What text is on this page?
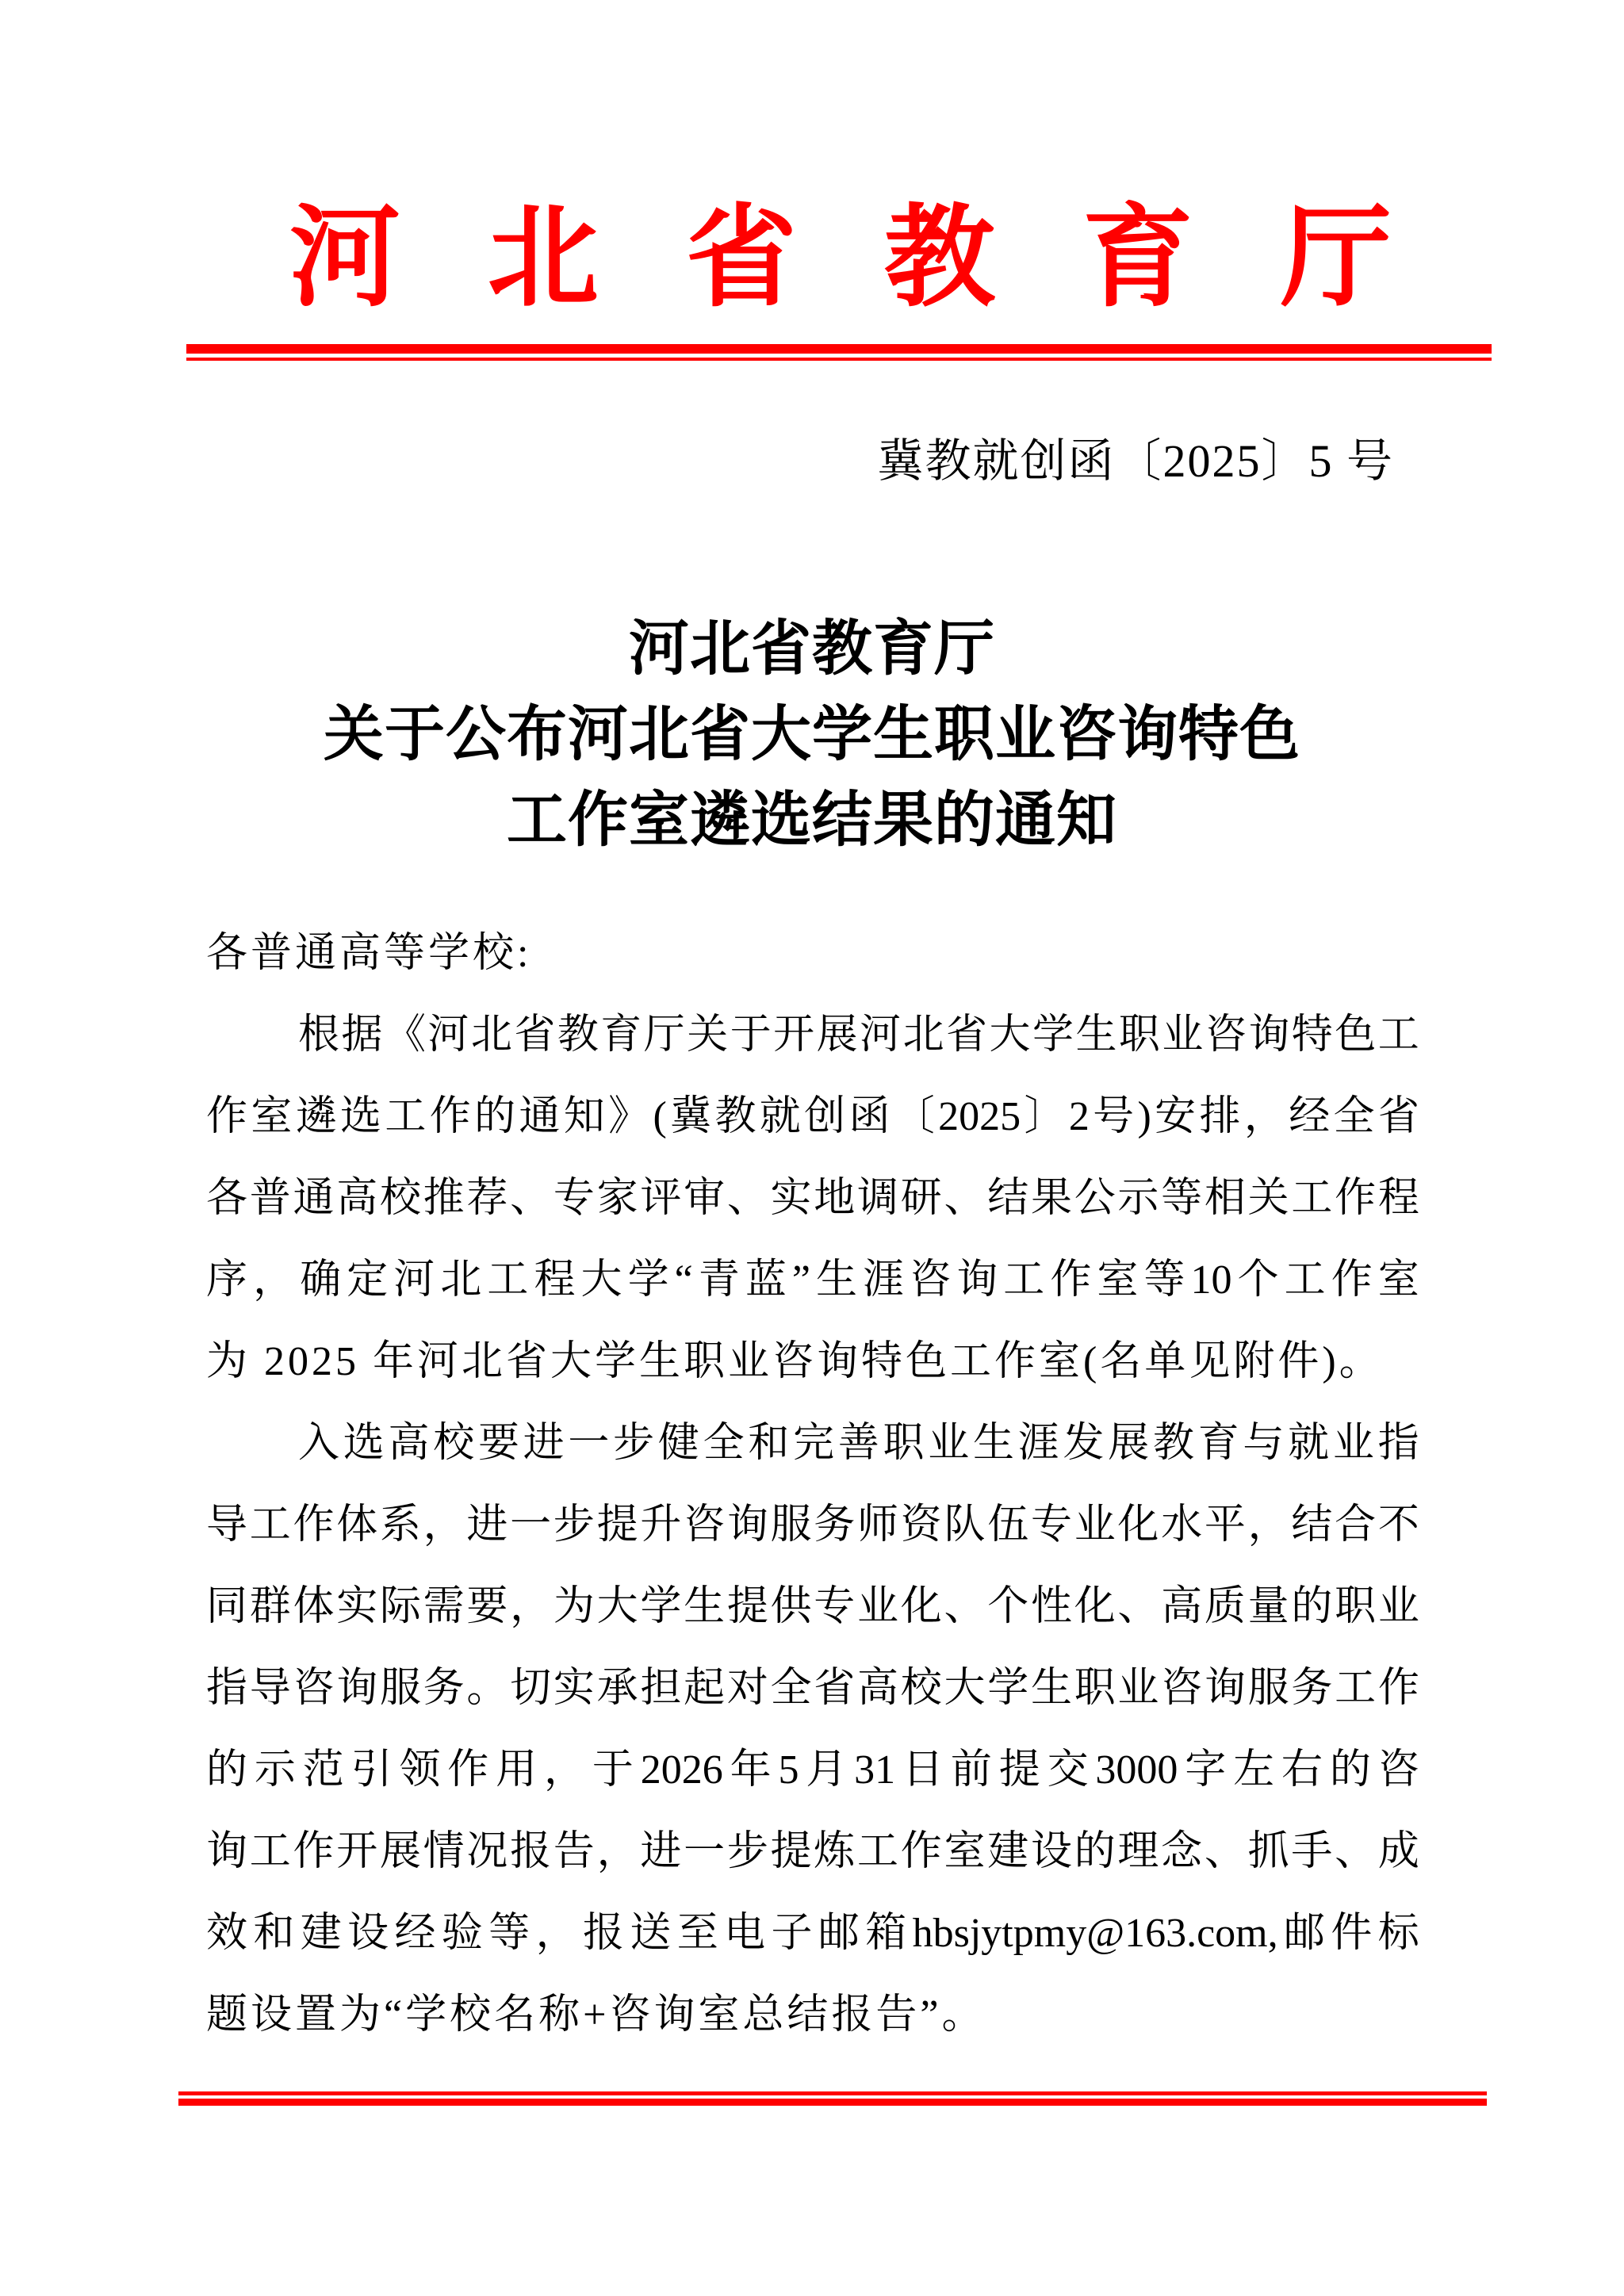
河 北 省 教 育 厅
冀教就创函〔2025〕5 号
河北省教育厅
关于公布河北省大学生职业咨询特色
工作室遴选结果的通知
各普通高等学校:
根 据 《 河 北 省 教 育 厅 关 于 开 展 河 北 省 大 学 生 职 业 咨 询 特 色 工
作 室 遴 选 工 作 的 通 知 》 ( 冀 教 就 创 函 〔 2025 〕 2 号 ) 安 排 ， 经 全 省
各 普 通 高 校 推 荐 、 专 家 评 审 、 实 地 调 研 、 结 果 公 示 等 相 关 工 作 程
序 ， 确 定 河 北 工 程 大 学 “ 青 蓝 ” 生 涯 咨 询 工 作 室 等 10 个 工 作 室
为 2025 年河北省大学生职业咨询特色工作室(名单见附件)。
入 选 高 校 要 进 一 步 健 全 和 完 善 职 业 生 涯 发 展 教 育 与 就 业 指
导 工 作 体 系 ， 进 一 步 提 升 咨 询 服 务 师 资 队 伍 专 业 化 水 平 ， 结 合 不
同 群 体 实 际 需 要 ， 为 大 学 生 提 供 专 业 化 、 个 性 化 、 高 质 量 的 职 业
指 导 咨 询 服 务 。 切 实 承 担 起 对 全 省 高 校 大 学 生 职 业 咨 询 服 务 工 作
的 示 范 引 领 作 用 ， 于 2026 年 5 月 31 日 前 提 交 3000 字 左 右 的 咨
询 工 作 开 展 情 况 报 告 ， 进 一 步 提 炼 工 作 室 建 设 的 理 念 、 抓 手 、 成
效 和 建 设 经 验 等 ， 报 送 至 电 子 邮 箱 hbsjytpmy@163.com, 邮 件 标
题设置为“学校名称+咨询室总结报告”。
